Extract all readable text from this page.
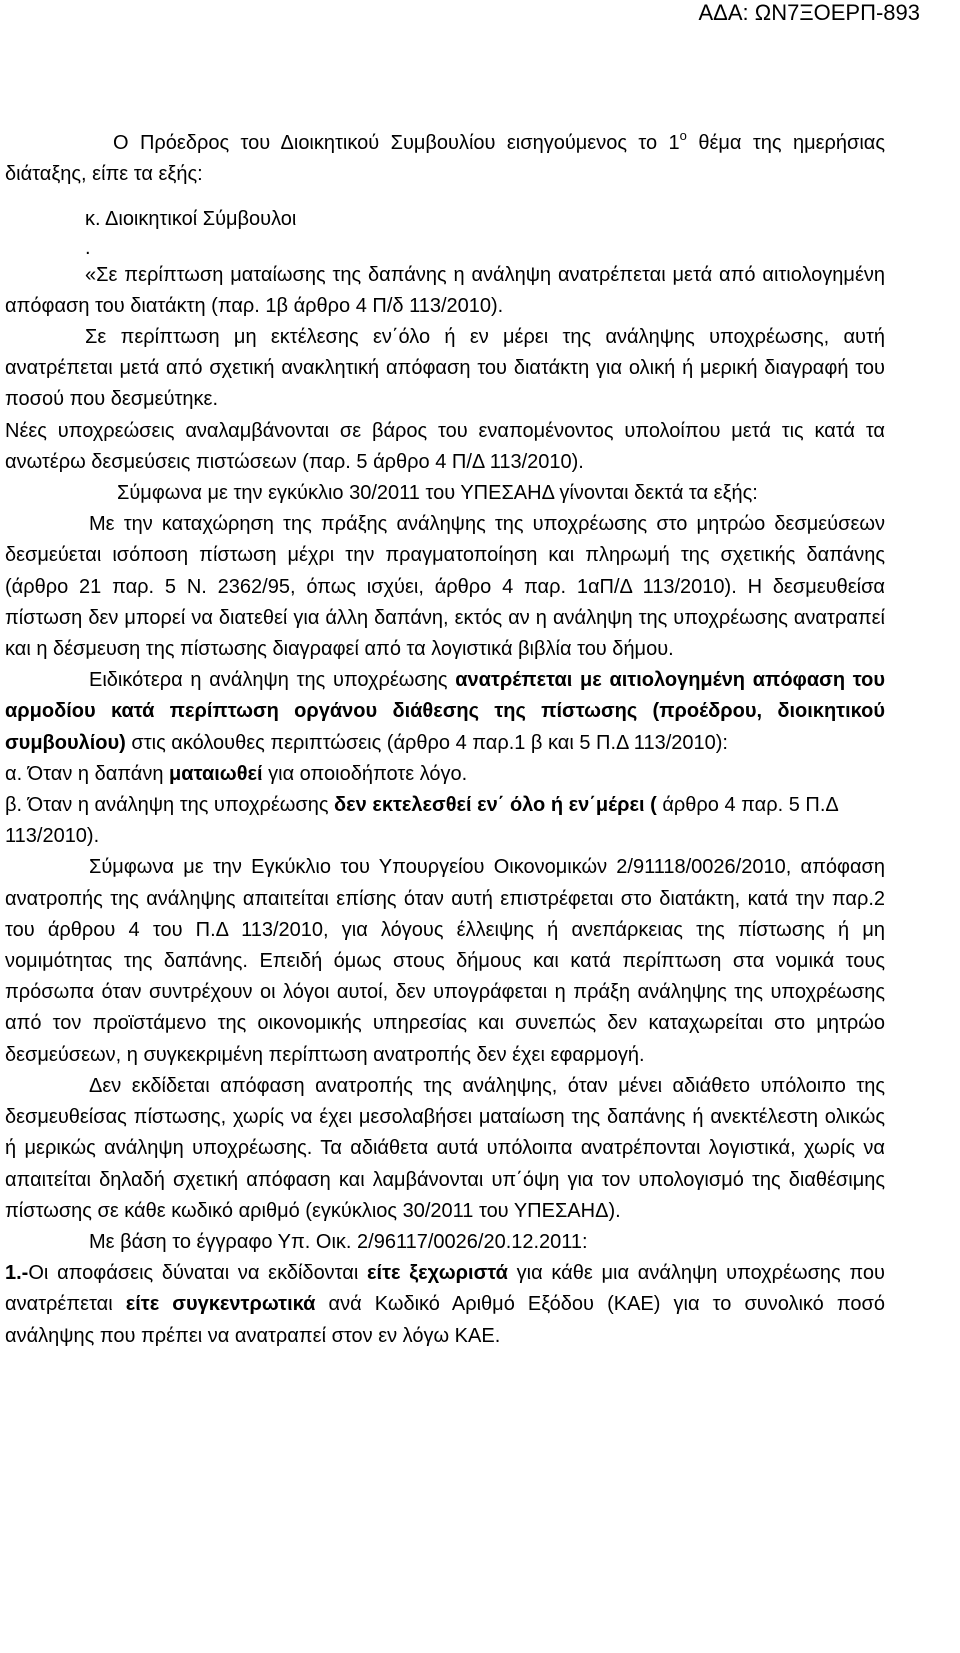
ΑΔΑ: ΩΝ7ΞΟΕΡΠ-893

Ο Πρόεδρος του Διοικητικού Συμβουλίου εισηγούμενος το $1^o$ θέμα της ημερήσιας διάταξης, είπε τα εξής:

κ. Διοικητικοί Σύμβουλοι

.

«Σε περίπτωση ματαίωσης της δαπάνης η ανάληψη ανατρέπεται μετά από αιτιολογημένη απόφαση του διατάκτη (παρ. 1β άρθρο 4 Π/δ 113/2010).

Σε περίπτωση μη εκτέλεσης εν΄όλο ή εν μέρει της ανάληψης υποχρέωσης, αυτή ανατρέπεται μετά από σχετική ανακλητική απόφαση του διατάκτη για ολική ή μερική διαγραφή του ποσού που δεσμεύτηκε.

Νέες υποχρεώσεις αναλαμβάνονται σε βάρος του εναπομένοντος υπολοίπου μετά τις κατά τα ανωτέρω δεσμεύσεις πιστώσεων (παρ. 5 άρθρο 4 Π/Δ 113/2010).

Σύμφωνα με την εγκύκλιο 30/2011 του ΥΠΕΣΑΗΔ γίνονται δεκτά τα εξής:

Με την καταχώρηση της πράξης ανάληψης της υποχρέωσης στο μητρώο δεσμεύσεων δεσμεύεται ισόποση πίστωση μέχρι την πραγματοποίηση και πληρωμή της σχετικής δαπάνης (άρθρο 21 παρ. 5 Ν. 2362/95, όπως ισχύει, άρθρο 4 παρ. 1αΠ/Δ 113/2010). Η δεσμευθείσα πίστωση δεν μπορεί να διατεθεί για άλλη δαπάνη, εκτός αν η ανάληψη της υποχρέωσης ανατραπεί και η δέσμευση της πίστωσης διαγραφεί από τα λογιστικά βιβλία του δήμου.

Ειδικότερα η ανάληψη της υποχρέωσης ανατρέπεται με αιτιολογημένη απόφαση του αρμοδίου κατά περίπτωση οργάνου διάθεσης της πίστωσης (προέδρου, διοικητικού συμβουλίου) στις ακόλουθες περιπτώσεις (άρθρο 4 παρ.1 β και 5 Π.Δ 113/2010):

α. Όταν η δαπάνη ματαιωθεί για οποιοδήποτε λόγο.

β. Όταν η ανάληψη της υποχρέωσης δεν εκτελεσθεί εν΄ όλο ή εν΄μέρει ( άρθρο 4 παρ. 5 Π.Δ 113/2010).

Σύμφωνα με την Εγκύκλιο του Υπουργείου Οικονομικών 2/91118/0026/2010, απόφαση ανατροπής της ανάληψης απαιτείται επίσης όταν αυτή επιστρέφεται στο διατάκτη, κατά την παρ.2 του άρθρου 4 του Π.Δ 113/2010, για λόγους έλλειψης ή ανεπάρκειας της πίστωσης ή μη νομιμότητας της δαπάνης. Επειδή όμως στους δήμους και κατά περίπτωση στα νομικά τους πρόσωπα όταν συντρέχουν οι λόγοι αυτοί, δεν υπογράφεται η πράξη ανάληψης της υποχρέωσης από τον προϊστάμενο της οικονομικής υπηρεσίας και συνεπώς δεν καταχωρείται στο μητρώο δεσμεύσεων, η συγκεκριμένη περίπτωση ανατροπής δεν έχει εφαρμογή.

Δεν εκδίδεται απόφαση ανατροπής της ανάληψης, όταν μένει αδιάθετο υπόλοιπο της δεσμευθείσας πίστωσης, χωρίς να έχει μεσολαβήσει ματαίωση της δαπάνης ή ανεκτέλεστη ολικώς ή μερικώς ανάληψη υποχρέωσης. Τα αδιάθετα αυτά υπόλοιπα ανατρέπονται λογιστικά, χωρίς να απαιτείται δηλαδή σχετική απόφαση και λαμβάνονται υπ΄όψη για τον υπολογισμό της διαθέσιμης πίστωσης σε κάθε κωδικό αριθμό (εγκύκλιος 30/2011 του ΥΠΕΣΑΗΔ).

Με βάση το έγγραφο Υπ. Οικ. 2/96117/0026/20.12.2011:

1.-Οι αποφάσεις δύναται να εκδίδονται είτε ξεχωριστά για κάθε μια ανάληψη υποχρέωσης που ανατρέπεται είτε συγκεντρωτικά ανά Κωδικό Αριθμό Εξόδου (ΚΑΕ) για το συνολικό ποσό ανάληψης που πρέπει να ανατραπεί στον εν λόγω ΚΑΕ.
